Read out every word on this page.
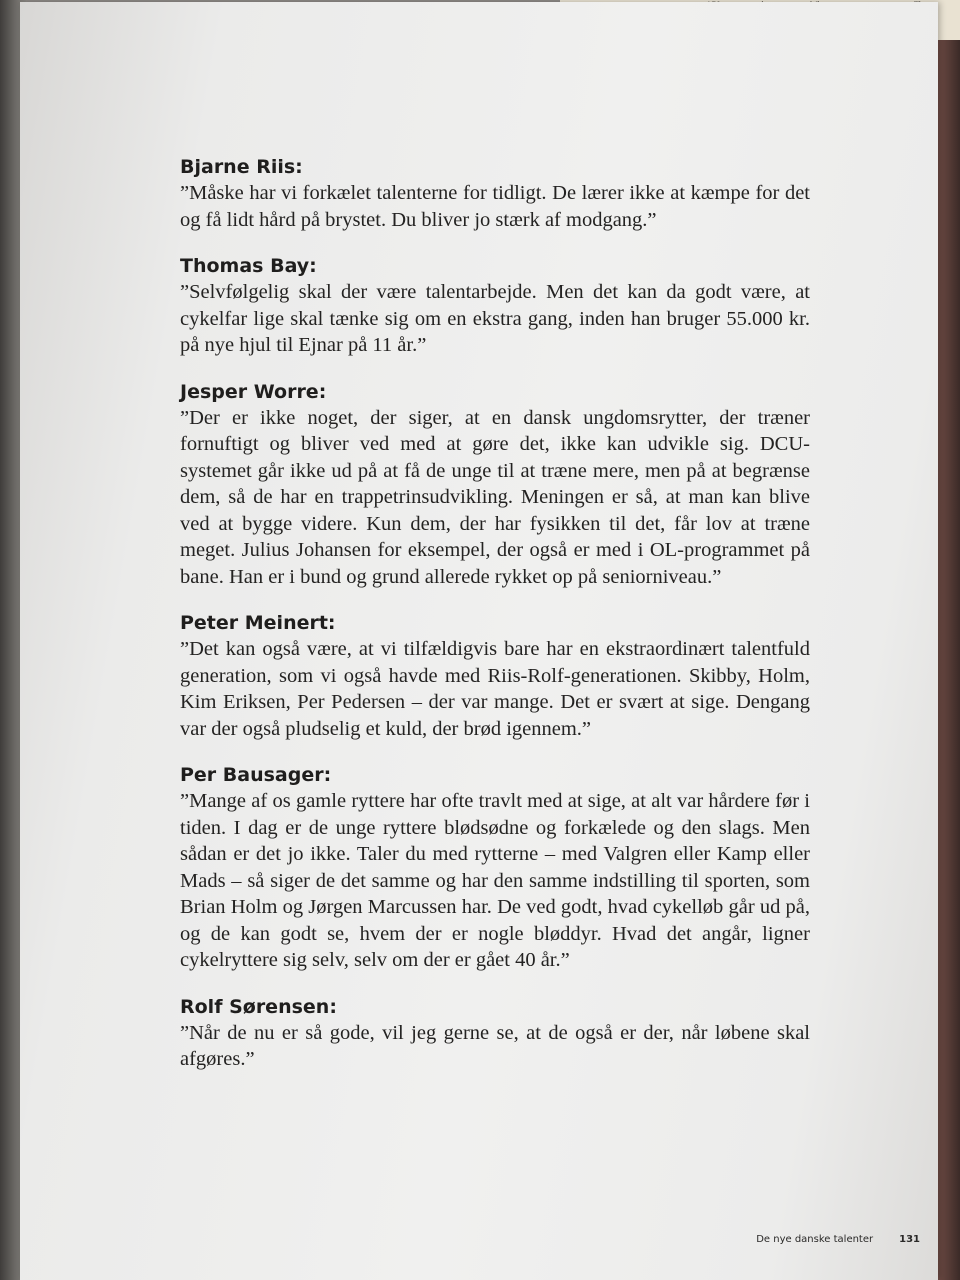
Bjarne Riis:

”Måske har vi forkælet talenterne for tidligt. De lærer ikke at kæmpe for det og få lidt hård på brystet. Du bliver jo stærk af modgang.”

Thomas Bay:

”Selvfølgelig skal der være talentarbejde. Men det kan da godt være, at cykelfar lige skal tænke sig om en ekstra gang, inden han bruger 55.000 kr. på nye hjul til Ejnar på 11 år.”

Jesper Worre:

”Der er ikke noget, der siger, at en dansk ungdomsrytter, der træner fornuftigt og bliver ved med at gøre det, ikke kan udvikle sig. DCU-systemet går ikke ud på at få de unge til at træne mere, men på at begrænse dem, så de har en trappetrinsudvikling. Meningen er så, at man kan blive ved at bygge videre. Kun dem, der har fysikken til det, får lov at træne meget. Julius Johansen for eksempel, der også er med i OL-programmet på bane. Han er i bund og grund allerede rykket op på seniorniveau.”

Peter Meinert:

”Det kan også være, at vi tilfældigvis bare har en ekstraordinært talentfuld generation, som vi også havde med Riis-Rolf-generationen. Skibby, Holm, Kim Eriksen, Per Pedersen – der var mange. Det er svært at sige. Dengang var der også pludselig et kuld, der brød igennem.”

Per Bausager:

”Mange af os gamle ryttere har ofte travlt med at sige, at alt var hårdere før i tiden. I dag er de unge ryttere blødsødne og forkælede og den slags. Men sådan er det jo ikke. Taler du med rytterne – med Valgren eller Kamp eller Mads – så siger de det samme og har den samme indstilling til sporten, som Brian Holm og Jørgen Marcussen har. De ved godt, hvad cykelløb går ud på, og de kan godt se, hvem der er nogle bløddyr. Hvad det angår, ligner cykelryttere sig selv, selv om der er gået 40 år.”

Rolf Sørensen:

”Når de nu er så gode, vil jeg gerne se, at de også er der, når løbene skal afgøres.”

De nye danske talenter	131
